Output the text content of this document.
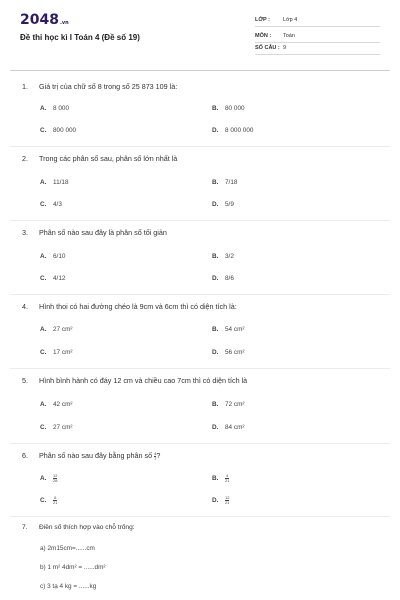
2048.vn
Đề thi học kì I Toán 4 (Đề số 19)
LỚP : Lớp 4
MÔN : Toán
SỐ CÂU : 9
1. Giá trị của chữ số 8 trong số 25 873 109 là:
A. 8 000	B. 80 000
C. 800 000	D. 8 000 000
2. Trong các phân số sau, phân số lớn nhất là
A. 11/18	B. 7/18
C. 4/3	D. 5/9
3. Phân số nào sau đây là phân số tối giản
A. 6/10	B. 3/2
C. 4/12	D. 8/6
4. Hình thoi có hai đường chéo là 9cm và 6cm thì có diện tích là:
A. 27 cm²	B. 54 cm²
C. 17 cm²	D. 56 cm²
5. Hình bình hành có đáy 12 cm và chiều cao 7cm thì có diện tích là
A. 42 cm²	B. 72 cm²
C. 27 cm²	D. 84 cm²
6. Phân số nào sau đây bằng phân số $\frac{4}{7}$ ?
A. $\frac{12}{28}$	B. $\frac{4}{21}$
C. $\frac{6}{21}$	D. $\frac{12}{21}$
7. Điền số thích hợp vào chỗ trống:
a) 2m15cm=......cm
b) 1 m² 4dm² = ......dm²
c) 3 tạ 4 kg = ......kg
